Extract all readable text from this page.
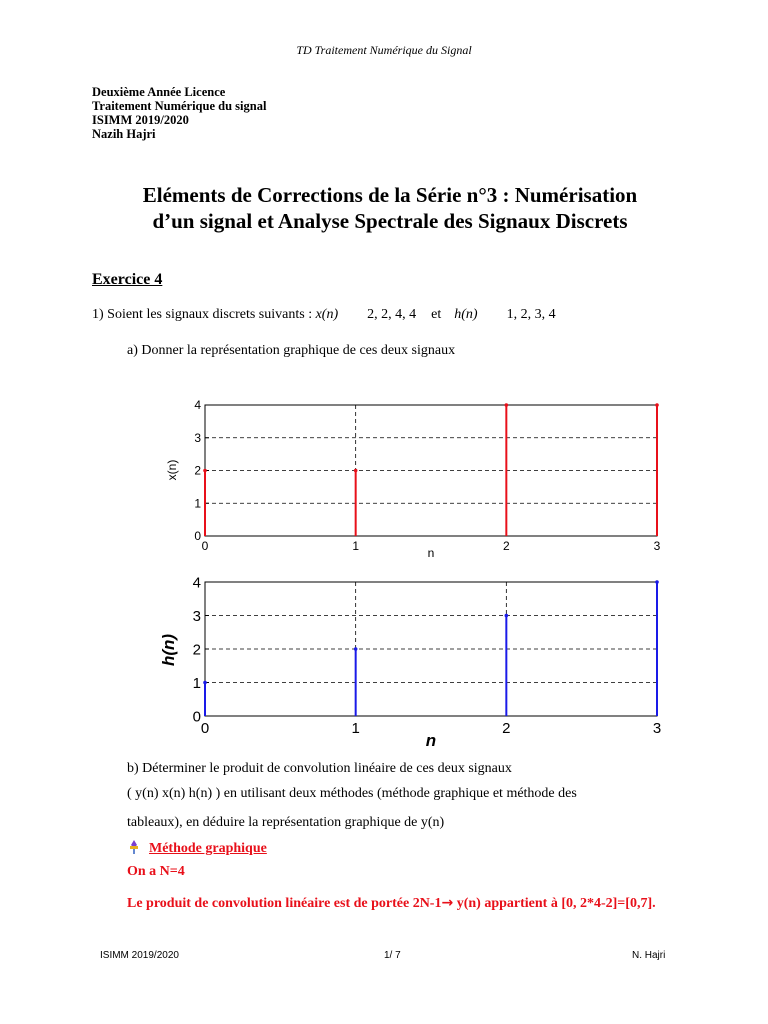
TD Traitement Numérique du Signal
Deuxième Année Licence
Traitement Numérique du signal
ISIMM 2019/2020
Nazih Hajri
Eléments de Corrections de la Série n°3 : Numérisation
d’un signal et Analyse Spectrale des Signaux Discrets
Exercice 4
1) Soient les signaux discrets suivants : x(n) 2, 2, 4, 4 et h(n) 1, 2, 3, 4
a) Donner la représentation graphique de ces deux signaux
0
1
2
3
4
0	1	2	3
n
x(n)
0
1
2
3
4
0	1	2	3
n
h(n)
b) Déterminer le produit de convolution linéaire de ces deux signaux
( y(n) x(n) h(n) ) en utilisant deux méthodes (méthode graphique et méthode des
tableaux), en déduire la représentation graphique de y(n)
Méthode graphique
On a N=4
Le produit de convolution linéaire est de portée 2N-1→ y(n) appartient à [0, 2*4-2]=[0,7].
ISIMM 2019/2020	1/ 7	N. Hajri
